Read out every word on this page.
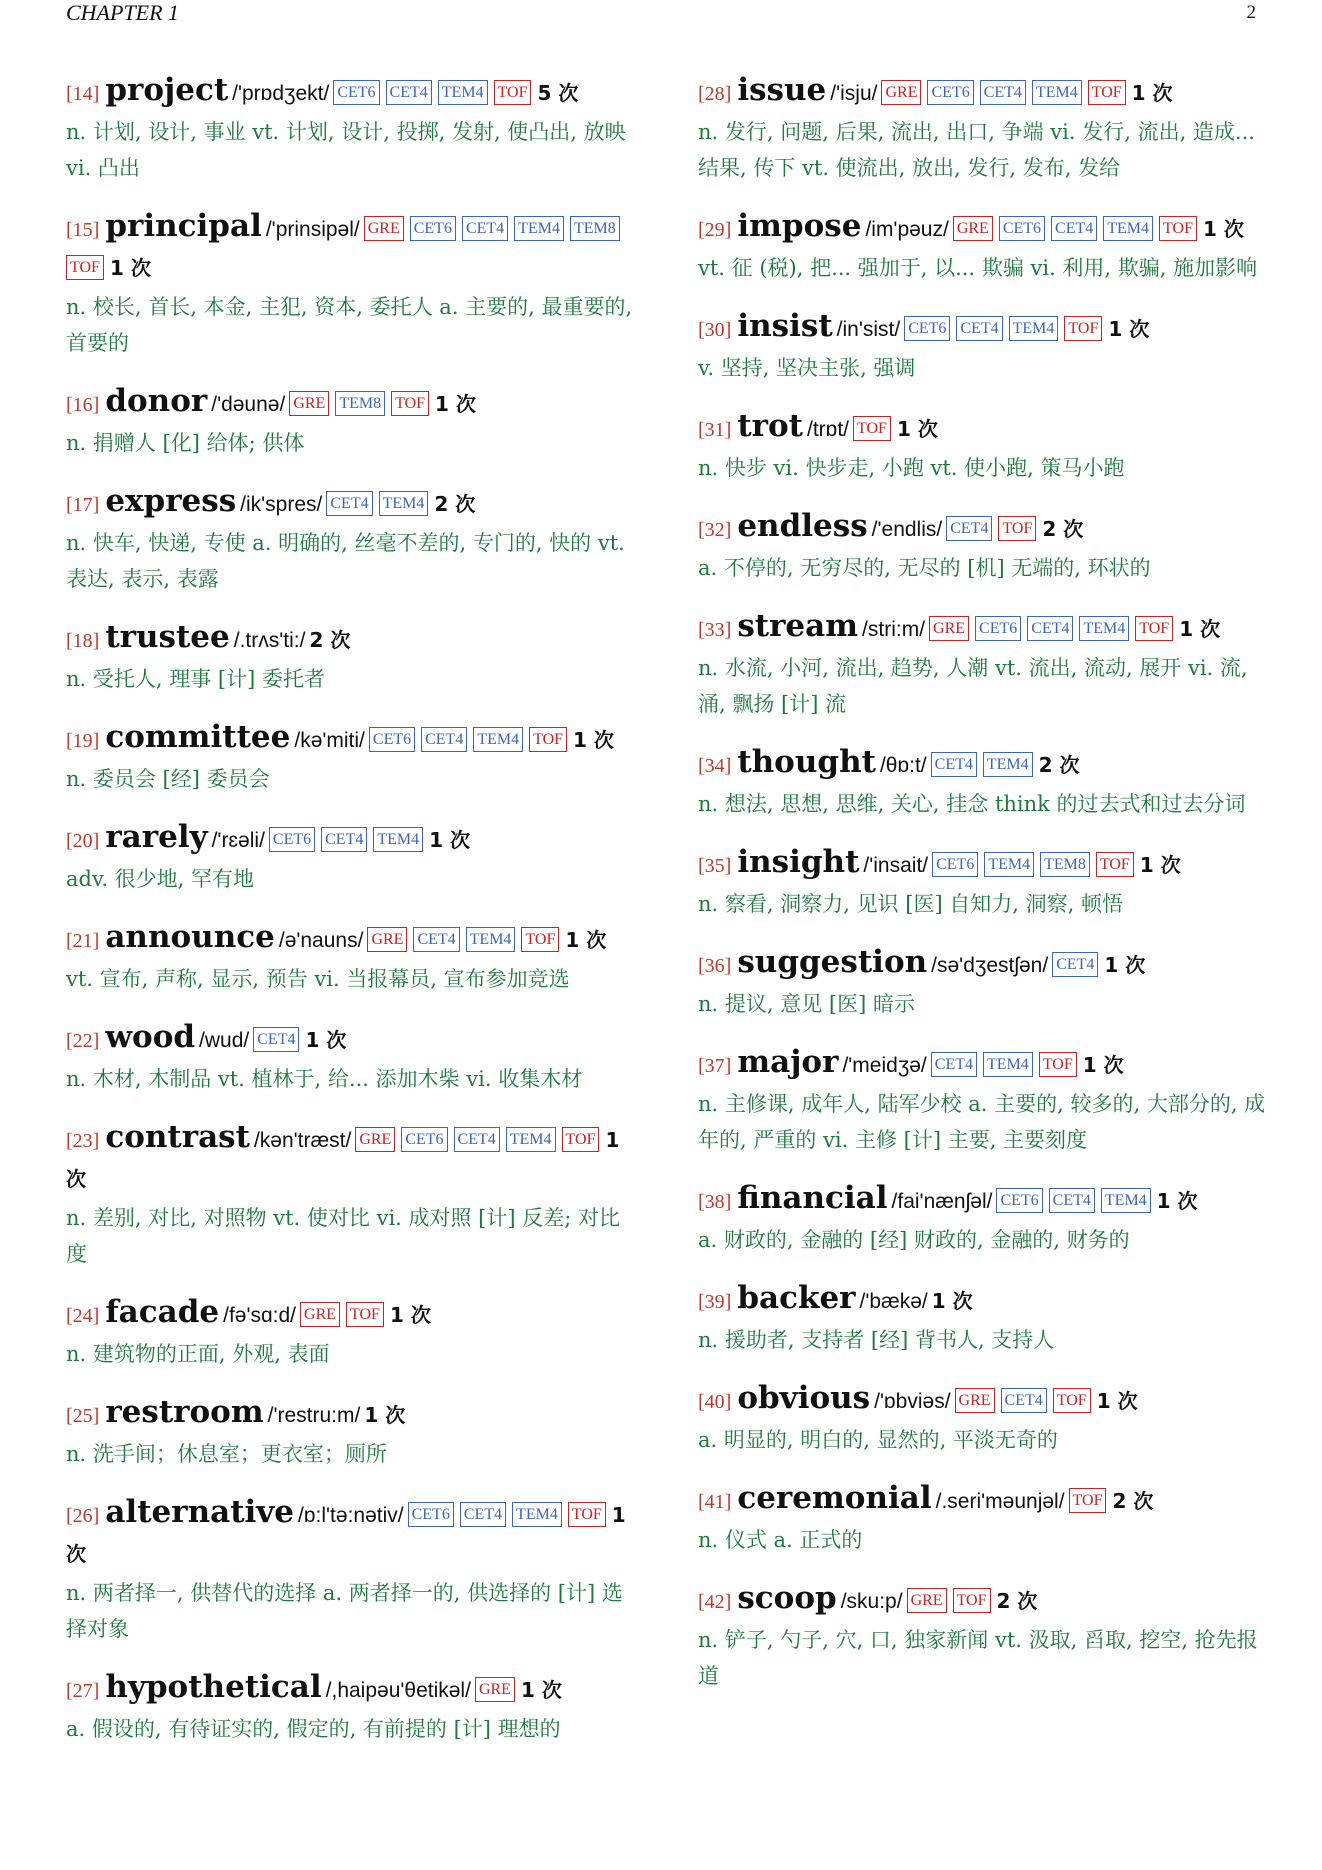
CHAPTER 1	2
[14] project /'prɒdʒekt/ CET6 CET4 TEM4 TOF 5 次
n. 计划, 设计, 事业 vt. 计划, 设计, 投掷, 发射, 使凸出, 放映 vi. 凸出
[15] principal /'prinsipəl/ GRE CET6 CET4 TEM4 TEM8TOF 1 次
n. 校长, 首长, 本金, 主犯, 资本, 委托人 a. 主要的, 最重要的, 首要的
[16] donor /'dəunə/ GRE TEM8 TOF 1 次
n. 捐赠人 [化] 给体; 供体
[17] express /ik'spres/ CET4 TEM4 2 次
n. 快车, 快递, 专使 a. 明确的, 丝毫不差的, 专门的, 快的 vt. 表达, 表示, 表露
[18] trustee /.trʌs'ti:/ 2 次
n. 受托人, 理事 [计] 委托者
[19] committee /kə'miti/ CET6 CET4 TEM4 TOF 1 次
n. 委员会 [经] 委员会
[20] rarely /'rɛəli/ CET6 CET4 TEM4 1 次
adv. 很少地, 罕有地
[21] announce /ə'nauns/ GRE CET4 TEM4 TOF 1 次
vt. 宣布, 声称, 显示, 预告 vi. 当报幕员, 宣布参加竞选
[22] wood /wud/ CET4 1 次
n. 木材, 木制品 vt. 植林于, 给... 添加木柴 vi. 收集木材
[23] contrast /kən'træst/ GRE CET6 CET4 TEM4 TOF 1 次
n. 差别, 对比, 对照物 vt. 使对比 vi. 成对照 [计] 反差; 对比度
[24] facade /fə'sɑ:d/ GRE TOF 1 次
n. 建筑物的正面, 外观, 表面
[25] restroom /'restru:m/ 1 次
n. 洗手间；休息室；更衣室；厕所
[26] alternative /ɒ:l'tə:nətiv/ CET6 CET4 TEM4 TOF 1 次
n. 两者择一, 供替代的选择 a. 两者择一的, 供选择的 [计] 选择对象
[27] hypothetical /,haipəu'θetikəl/ GRE 1 次
a. 假设的, 有待证实的, 假定的, 有前提的 [计] 理想的
[28] issue /'isju/ GRE CET6 CET4 TEM4 TOF 1 次
n. 发行, 问题, 后果, 流出, 出口, 争端 vi. 发行, 流出, 造成... 结果, 传下 vt. 使流出, 放出, 发行, 发布, 发给
[29] impose /im'pəuz/ GRE CET6 CET4 TEM4 TOF 1 次
vt. 征 (税), 把... 强加于, 以... 欺骗 vi. 利用, 欺骗, 施加影响
[30] insist /in'sist/ CET6 CET4 TEM4 TOF 1 次
v. 坚持, 坚决主张, 强调
[31] trot /trɒt/ TOF 1 次
n. 快步 vi. 快步走, 小跑 vt. 使小跑, 策马小跑
[32] endless /'endlis/ CET4 TOF 2 次
a. 不停的, 无穷尽的, 无尽的 [机] 无端的, 环状的
[33] stream /stri:m/ GRE CET6 CET4 TEM4 TOF 1 次
n. 水流, 小河, 流出, 趋势, 人潮 vt. 流出, 流动, 展开 vi. 流, 涌, 飘扬 [计] 流
[34] thought /θɒ:t/ CET4 TEM4 2 次
n. 想法, 思想, 思维, 关心, 挂念 think 的过去式和过去分词
[35] insight /'insait/ CET6 TEM4 TEM8 TOF 1 次
n. 察看, 洞察力, 见识 [医] 自知力, 洞察, 顿悟
[36] suggestion /sə'dʒestʃən/ CET4 1 次
n. 提议, 意见 [医] 暗示
[37] major /'meidʒə/ CET4 TEM4 TOF 1 次
n. 主修课, 成年人, 陆军少校 a. 主要的, 较多的, 大部分的, 成年的, 严重的 vi. 主修 [计] 主要, 主要刻度
[38] financial /fai'nænʃəl/ CET6 CET4 TEM4 1 次
a. 财政的, 金融的 [经] 财政的, 金融的, 财务的
[39] backer /'bækə/ 1 次
n. 援助者, 支持者 [经] 背书人, 支持人
[40] obvious /'ɒbviəs/ GRE CET4 TOF 1 次
a. 明显的, 明白的, 显然的, 平淡无奇的
[41] ceremonial /.seri'məunjəl/ TOF 2 次
n. 仪式 a. 正式的
[42] scoop /sku:p/ GRE TOF 2 次
n. 铲子, 勺子, 穴, 口, 独家新闻 vt. 汲取, 舀取, 挖空, 抢先报道
